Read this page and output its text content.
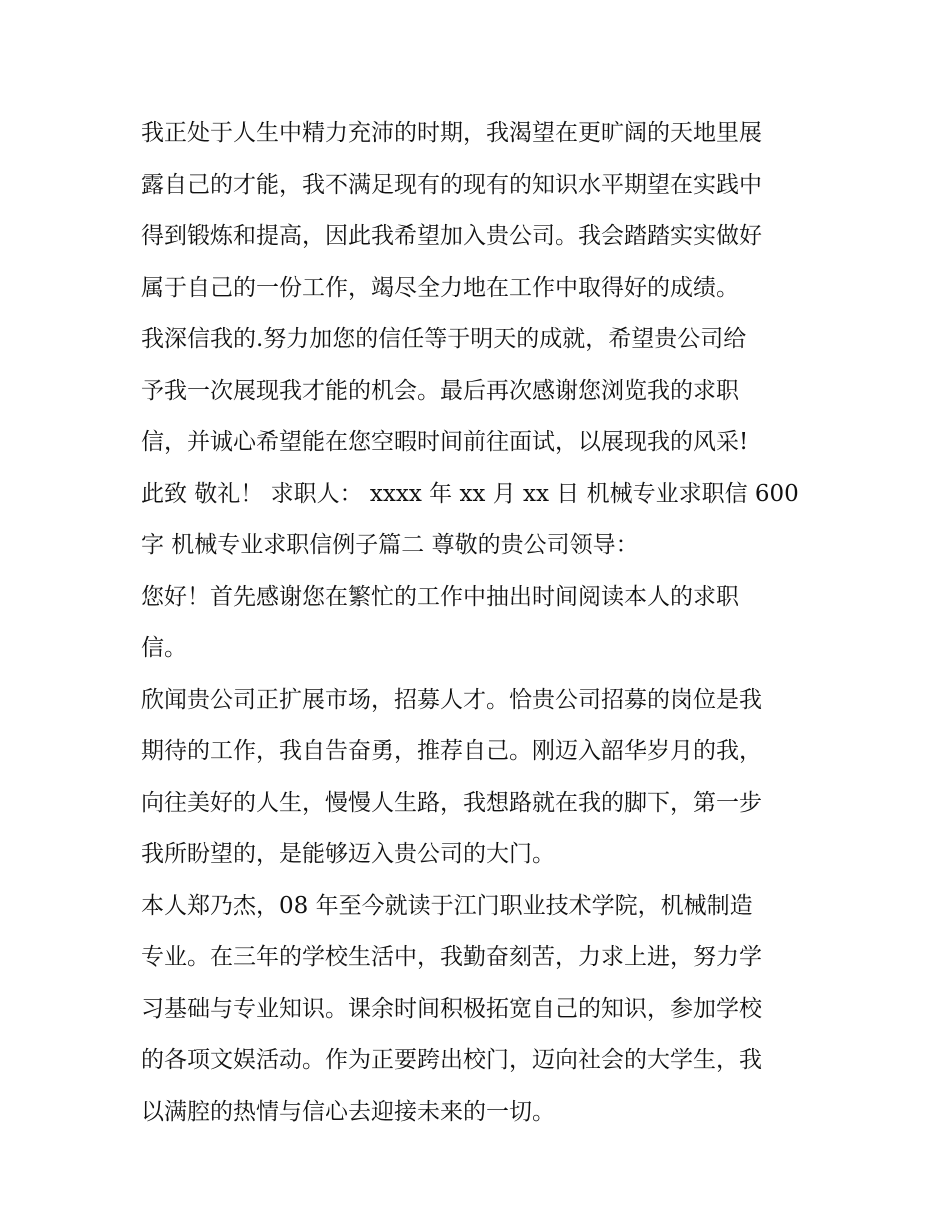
我正处于人生中精力充沛的时期，我渴望在更旷阔的天地里展
露自己的才能，我不满足现有的现有的知识水平期望在实践中
得到锻炼和提高，因此我希望加入贵公司。我会踏踏实实做好
属于自己的一份工作，竭尽全力地在工作中取得好的成绩。
我深信我的.努力加您的信任等于明天的成就，希望贵公司给
予我一次展现我才能的机会。最后再次感谢您浏览我的求职
信，并诚心希望能在您空暇时间前往面试，以展现我的风采!
此致 敬礼！ 求职人： xxxx 年 xx 月 xx 日 机械专业求职信 600
字 机械专业求职信例子篇二 尊敬的贵公司领导：
您好！首先感谢您在繁忙的工作中抽出时间阅读本人的求职
信。
欣闻贵公司正扩展市场，招募人才。恰贵公司招募的岗位是我
期待的工作，我自告奋勇，推荐自己。刚迈入韶华岁月的我，
向往美好的人生，慢慢人生路，我想路就在我的脚下，第一步
我所盼望的，是能够迈入贵公司的大门。
本人郑乃杰，08 年至今就读于江门职业技术学院，机械制造
专业。在三年的学校生活中，我勤奋刻苦，力求上进，努力学
习基础与专业知识。课余时间积极拓宽自己的知识，参加学校
的各项文娱活动。作为正要跨出校门，迈向社会的大学生，我
以满腔的热情与信心去迎接未来的一切。
